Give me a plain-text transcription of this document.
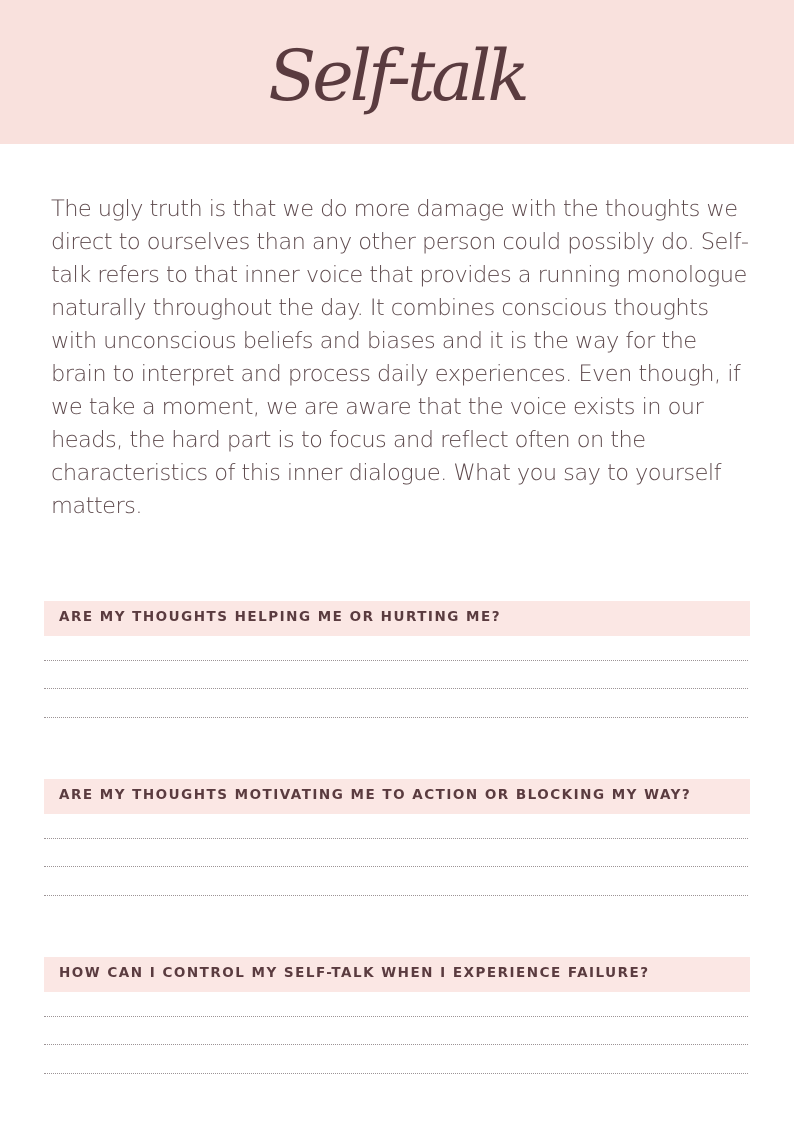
Self-talk

The ugly truth is that we do more damage with the thoughts we direct to ourselves than any other person could possibly do. Self-talk refers to that inner voice that provides a running monologue naturally throughout the day. It combines conscious thoughts with unconscious beliefs and biases and it is the way for the brain to interpret and process daily experiences. Even though, if we take a moment, we are aware that the voice exists in our heads, the hard part is to focus and reflect often on the characteristics of this inner dialogue. What you say to yourself matters.

ARE MY THOUGHTS HELPING ME OR HURTING ME?
ARE MY THOUGHTS MOTIVATING ME TO ACTION OR BLOCKING MY WAY?
HOW CAN I CONTROL MY SELF-TALK WHEN I EXPERIENCE FAILURE?
